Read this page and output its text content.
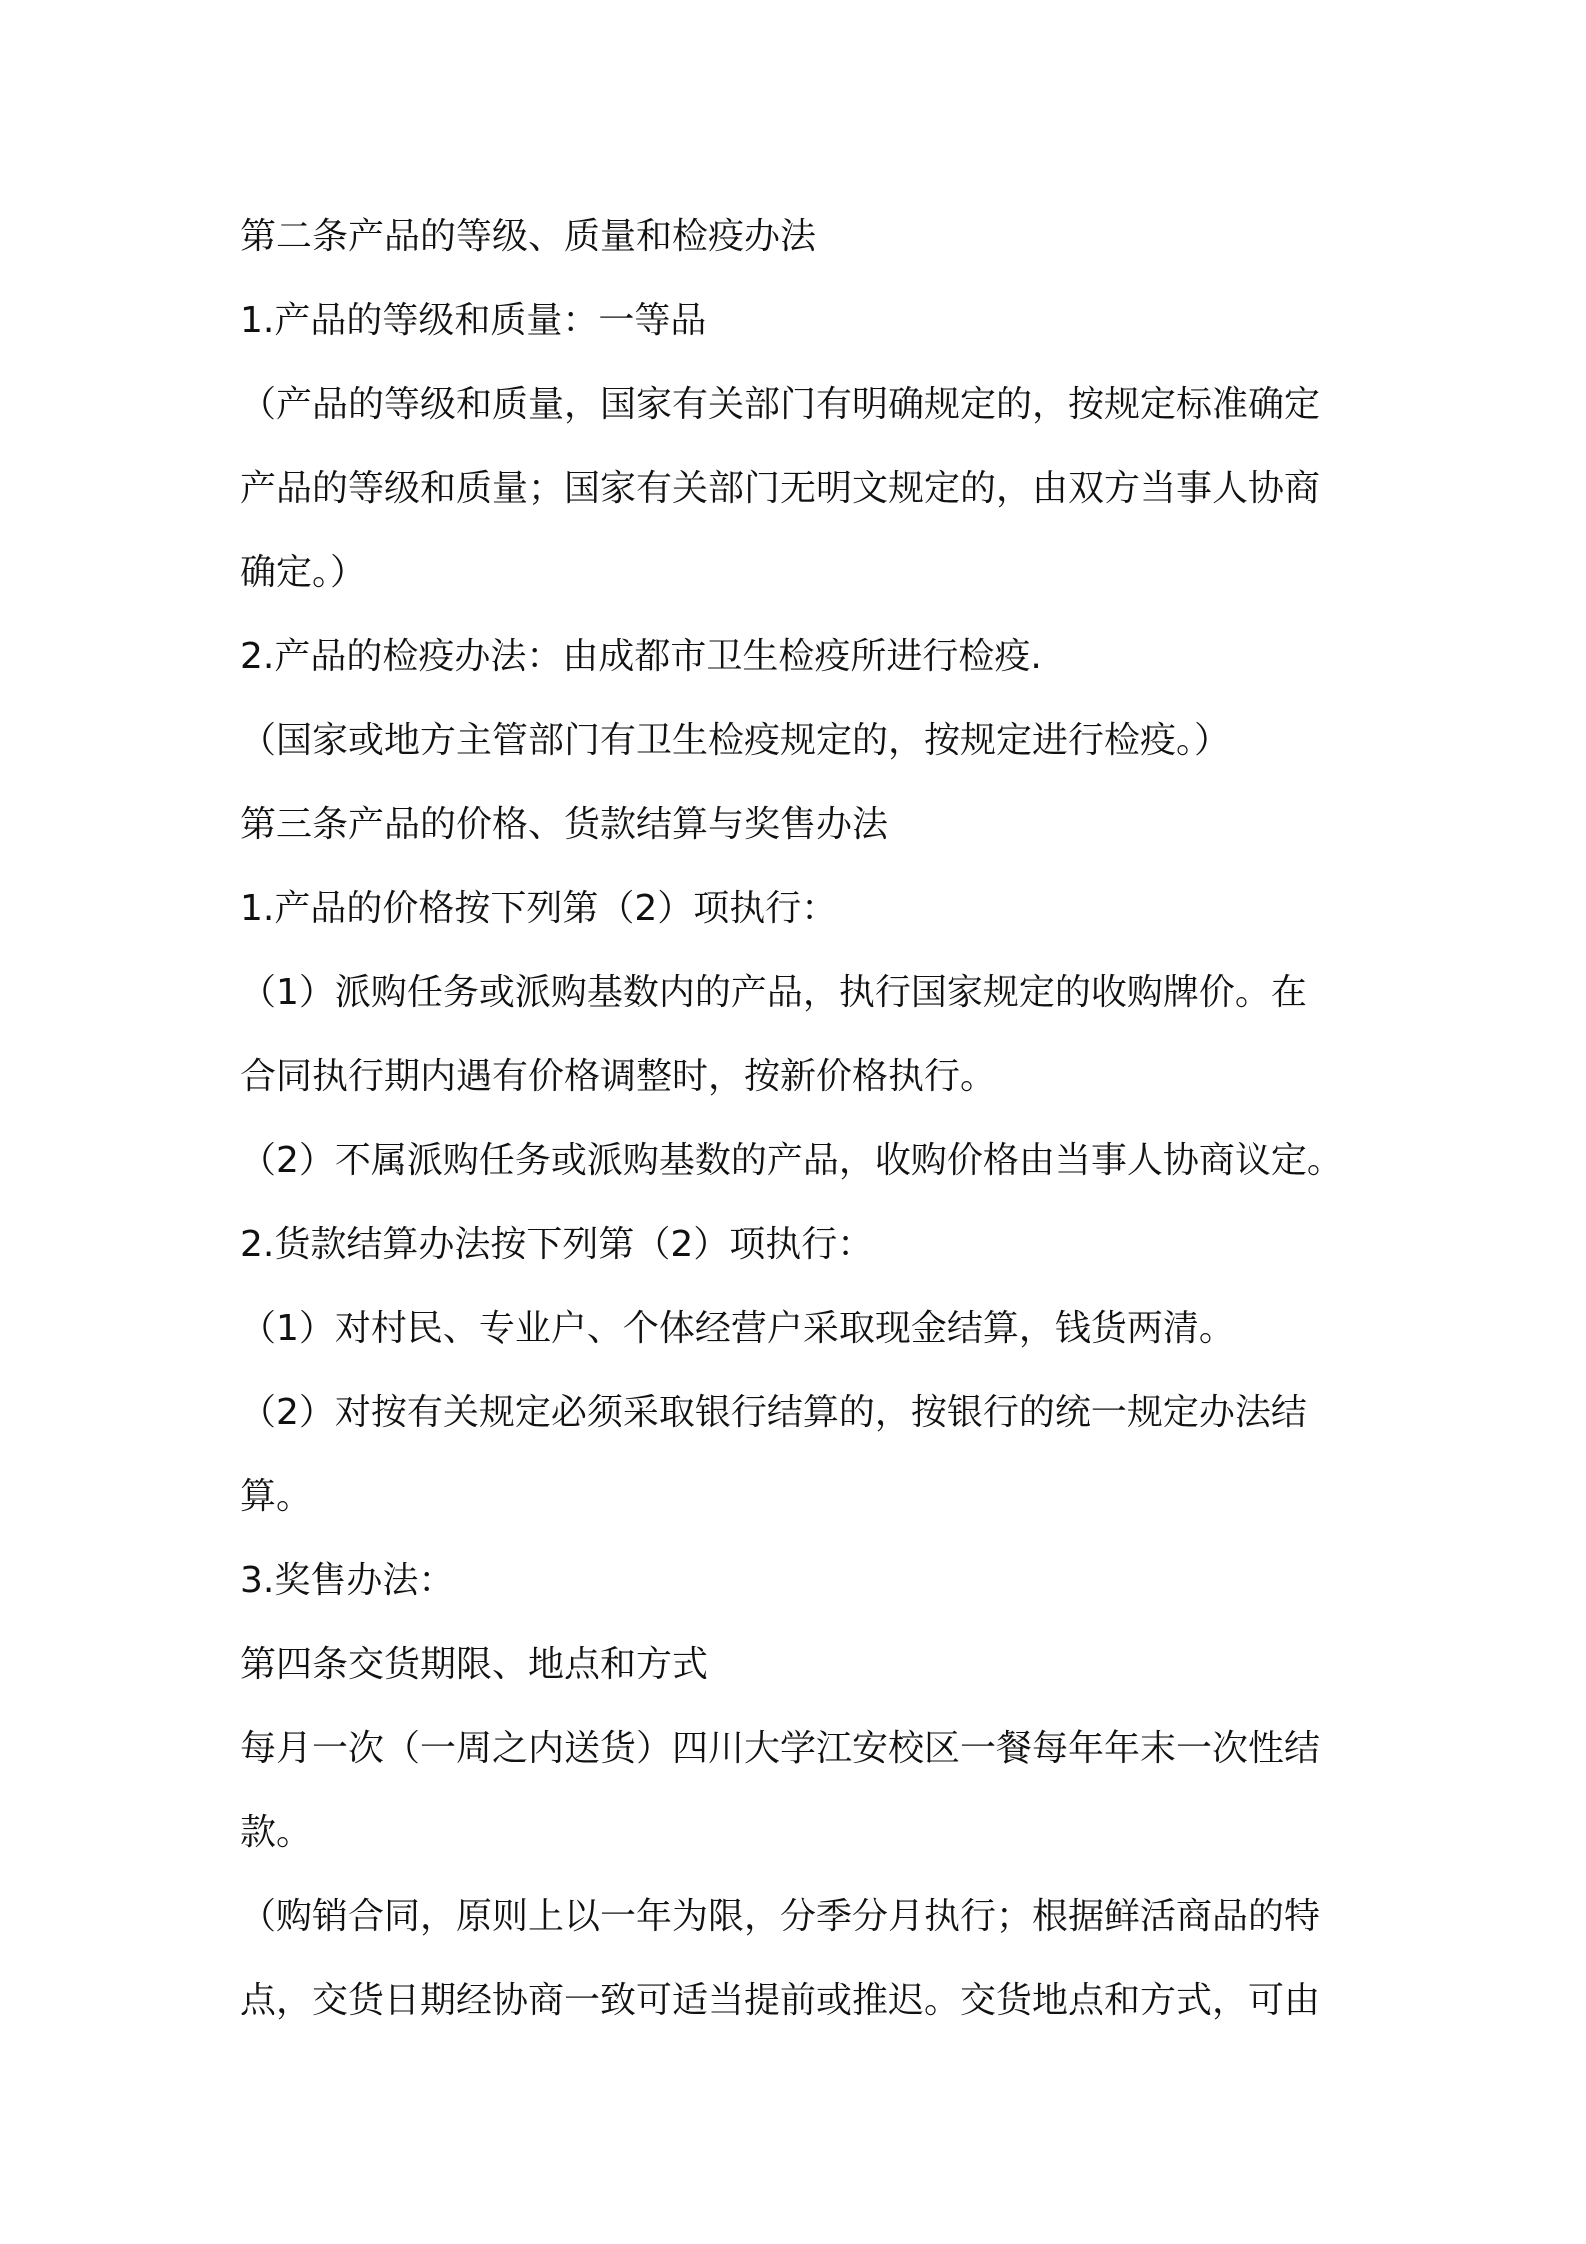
第二条产品的等级、质量和检疫办法
1.产品的等级和质量：一等品
（产品的等级和质量，国家有关部门有明确规定的，按规定标准确定
产品的等级和质量；国家有关部门无明文规定的，由双方当事人协商
确定。）
2.产品的检疫办法：由成都市卫生检疫所进行检疫.
（国家或地方主管部门有卫生检疫规定的，按规定进行检疫。）
第三条产品的价格、货款结算与奖售办法
1.产品的价格按下列第（2）项执行：
（1）派购任务或派购基数内的产品，执行国家规定的收购牌价。在
合同执行期内遇有价格调整时，按新价格执行。
（2）不属派购任务或派购基数的产品，收购价格由当事人协商议定。
2.货款结算办法按下列第（2）项执行：
（1）对村民、专业户、个体经营户采取现金结算，钱货两清。
（2）对按有关规定必须采取银行结算的，按银行的统一规定办法结
算。
3.奖售办法：
第四条交货期限、地点和方式
每月一次（一周之内送货）四川大学江安校区一餐每年年末一次性结
款。
（购销合同，原则上以一年为限，分季分月执行；根据鲜活商品的特
点，交货日期经协商一致可适当提前或推迟。交货地点和方式，可由
